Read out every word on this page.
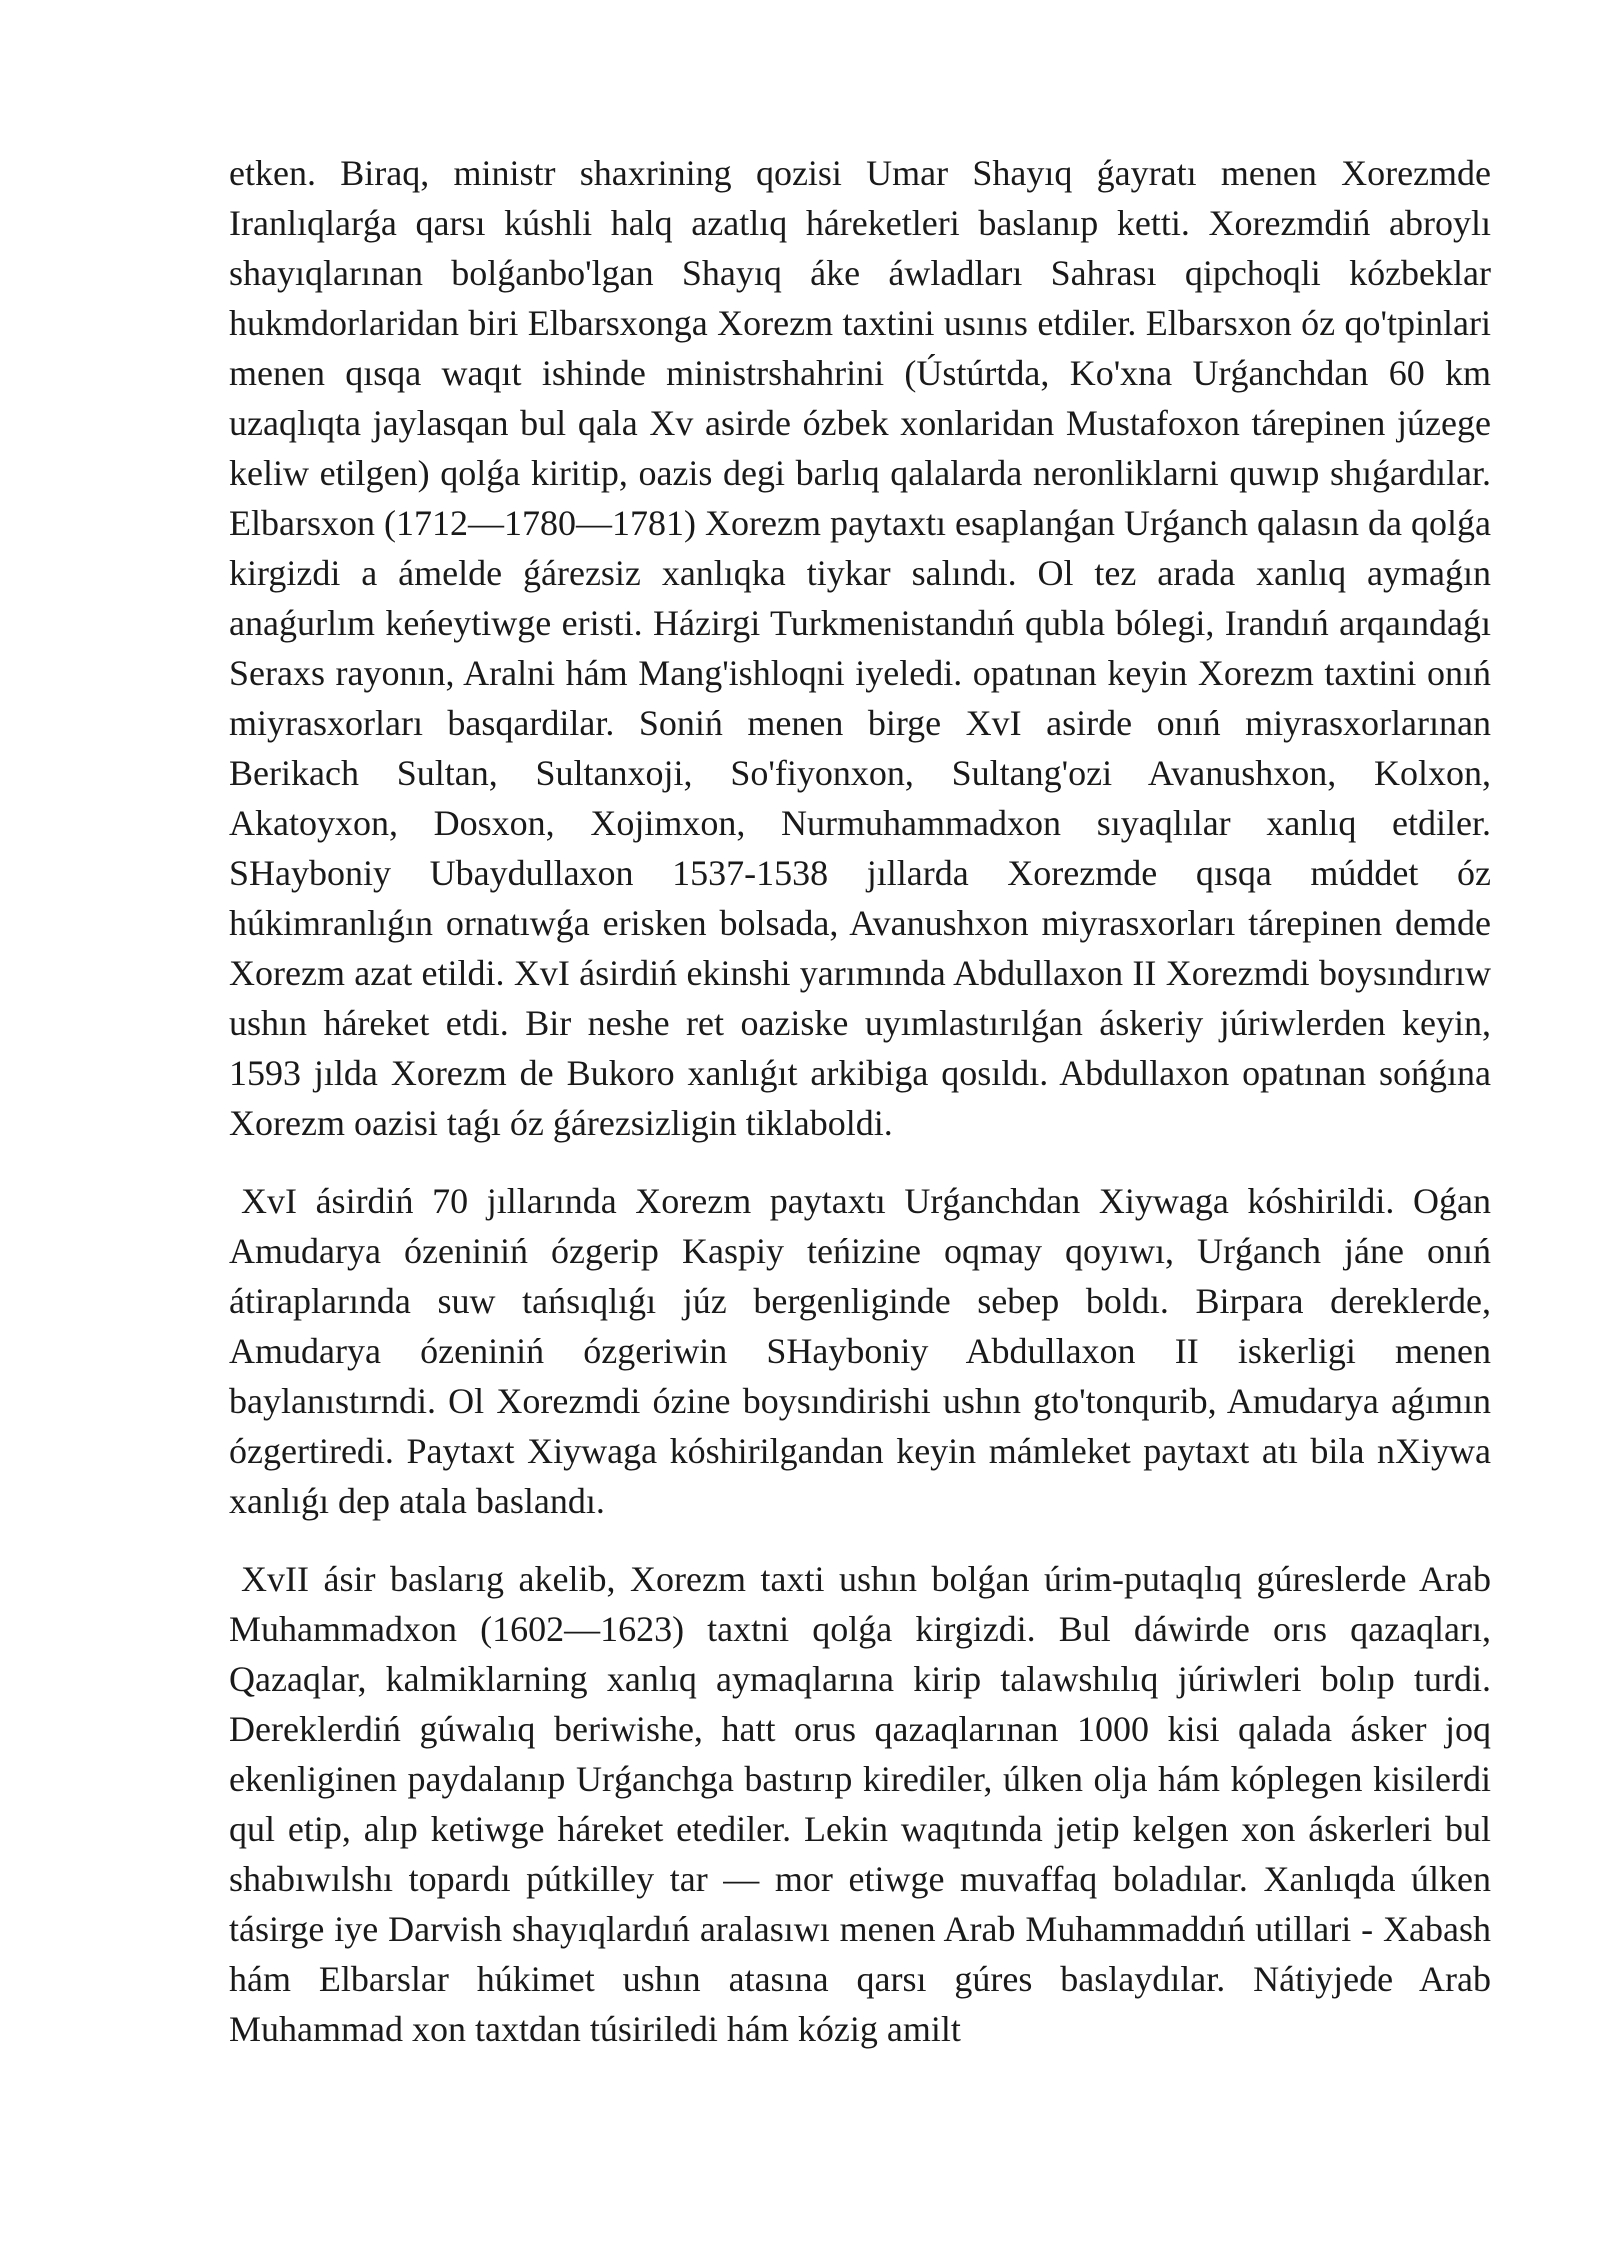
etken. Biraq, ministr shaxrining qozisi Umar Shayıq ǵayratı menen Xorezmde Iranlıqlarǵa qarsı kúshli halq azatlıq háreketleri baslanıp ketti. Xorezmdiń abroylı shayıqlarınan bolǵanbo'lgan Shayıq áke áwladları Sahrası qipchoqli kózbeklar hukmdorlaridan biri Elbarsxonga Xorezm taxtini usınıs etdiler. Elbarsxon óz qo'tpinlari menen qısqa waqıt ishinde ministrshahrini (Ústúrtda, Ko'xna Urǵanchdan 60 km uzaqlıqta jaylasqan bul qala Xv asirde ózbek xonlaridan Mustafoxon tárepinen júzege keliw etilgen) qolǵa kiritip, oazis degi barlıq qalalarda neronliklarni quwıp shıǵardılar. Elbarsxon (1712—1780—1781) Xorezm paytaxtı esaplanǵan Urǵanch qalasın da qolǵa kirgizdi a ámelde ǵárezsiz xanlıqka tiykar salındı. Ol tez arada xanlıq aymaǵın anaǵurlım keńeytiwge eristi. Házirgi Turkmenistandıń qubla bólegi, Irandıń arqaındaǵı Seraxs rayonın, Aralni hám Mang'ishloqni iyeledi. opatınan keyin Xorezm taxtini onıń miyrasxorları basqardilar. Soniń menen birge XvI asirde onıń miyrasxorlarınan Berikach Sultan, Sultanxoji, So'fiyonxon, Sultang'ozi Avanushxon, Kolxon, Akatoyxon, Dosxon, Xojimxon, Nurmuhammadxon sıyaqlılar xanlıq etdiler. SHayboniy Ubaydullaxon 1537-1538 jıllarda Xorezmde qısqa múddet óz húkimranlıǵın ornatıwǵa erisken bolsada, Avanushxon miyrasxorları tárepinen demde Xorezm azat etildi. XvI ásirdiń ekinshi yarımında Abdullaxon II Xorezmdi boysındırıw ushın háreket etdi. Bir neshe ret oaziske uyımlastırılǵan áskeriy júriwlerden keyin, 1593 jılda Xorezm de Bukoro xanlıǵıt arkibiga qosıldı. Abdullaxon opatınan sońǵına Xorezm oazisi taǵı óz ǵárezsizligin tiklaboldi.

XvI ásirdiń 70 jıllarında Xorezm paytaxtı Urǵanchdan Xiywaga kóshirildi. Oǵan Amudarya ózeniniń ózgerip Kaspiy teńizine oqmay qoyıwı, Urǵanch jáne onıń átiraplarında suw tańsıqlıǵı júz bergenliginde sebep boldı. Birpara dereklerde, Amudarya ózeniniń ózgeriwin SHayboniy Abdullaxon II iskerligi menen baylanıstırndi. Ol Xorezmdi ózine boysındirishi ushın gto'tonqurib, Amudarya aǵımın ózgertiredi. Paytaxt Xiywaga kóshirilgandan keyin mámleket paytaxt atı bila nXiywa xanlıǵı dep atala baslandı.

XvII ásir baslarıg akelib, Xorezm taxti ushın bolǵan úrim-putaqlıq gúreslerde Arab Muhammadxon (1602—1623) taxtni qolǵa kirgizdi. Bul dáwirde orıs qazaqları, Qazaqlar, kalmiklarning xanlıq aymaqlarına kirip talawshılıq júriwleri bolıp turdi. Dereklerdiń gúwalıq beriwishe, hatt orus qazaqlarınan 1000 kisi qalada ásker joq ekenliginen paydalanıp Urǵanchga bastırıp kirediler, úlken olja hám kóplegen kisilerdi qul etip, alıp ketiwge háreket etediler. Lekin waqıtında jetip kelgen xon áskerleri bul shabıwılshı topardı pútkilley tar — mor etiwge muvaffaq boladılar. Xanlıqda úlken tásirge iye Darvish shayıqlardıń aralasıwı menen Arab Muhammaddıń utillari - Xabash hám Elbarslar húkimet ushın atasına qarsı gúres baslaydılar. Nátiyjede Arab Muhammad xon taxtdan túsiriledi hám kózig amilt
